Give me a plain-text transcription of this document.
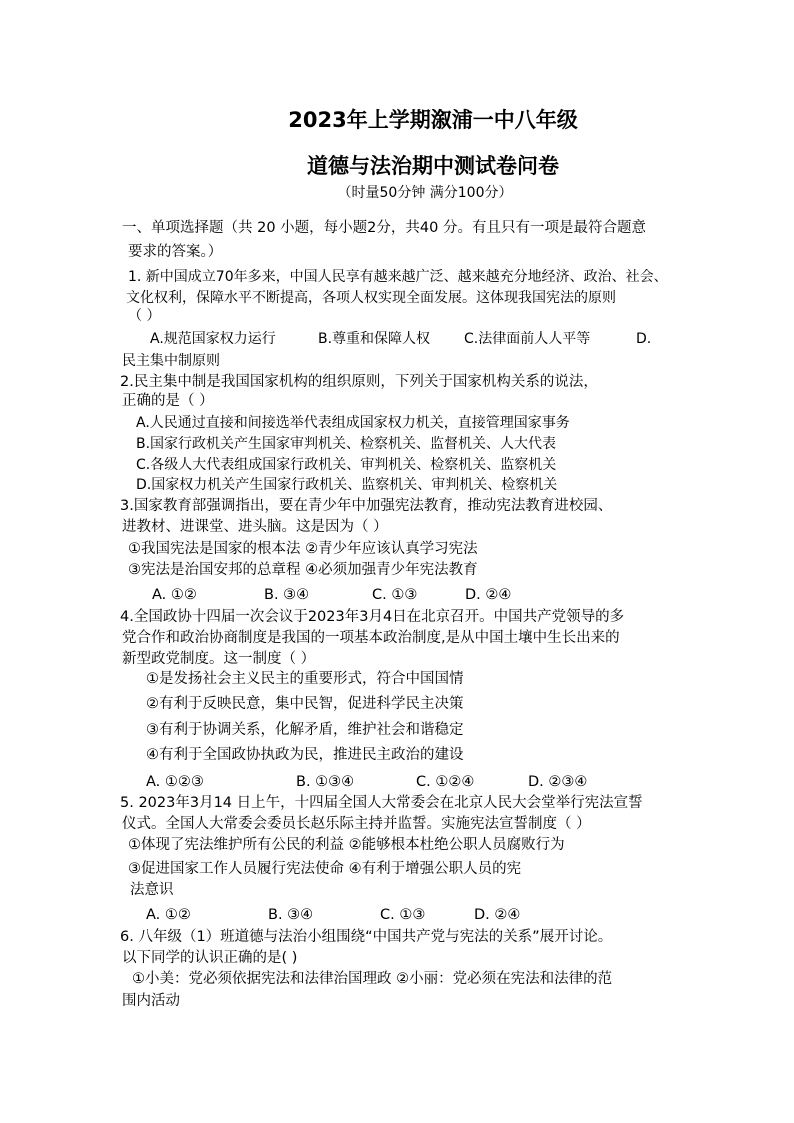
2023年上学期溆浦一中八年级
道德与法治期中测试卷问卷
（时量50分钟 满分100分）
一、单项选择题（共 20 小题，每小题2分，共40 分。有且只有一项是最符合题意
要求的答案。）
1. 新中国成立70年多来，中国人民享有越来越广泛、越来越充分地经济、政治、社会、
文化权利，保障水平不断提高，各项人权实现全面发展。这体现我国宪法的原则
（ ）
A.规范国家权力运行	B.尊重和保障人权 C.法律面前人人平等	D.
民主集中制原则
2.民主集中制是我国国家机构的组织原则，下列关于国家机构关系的说法，
正确的是（ ）
A.人民通过直接和间接选举代表组成国家权力机关，直接管理国家事务
B.国家行政机关产生国家审判机关、检察机关、监督机关、人大代表
C.各级人大代表组成国家行政机关、审判机关、检察机关、监察机关
D.国家权力机关产生国家行政机关、监察机关、审判机关、检察机关
3.国家教育部强调指出，要在青少年中加强宪法教育，推动宪法教育进校园、
进教材、进课堂、进头脑。这是因为（ ）
①我国宪法是国家的根本法 ②青少年应该认真学习宪法
③宪法是治国安邦的总章程 ④必须加强青少年宪法教育
A. ①②	B. ③④	C. ①③	D. ②④
4.全国政协十四届一次会议于2023年3月4日在北京召开。中国共产党领导的多
党合作和政治协商制度是我国的一项基本政治制度,是从中国土壤中生长出来的
新型政党制度。这一制度（ ）
①是发扬社会主义民主的重要形式，符合中国国情
②有利于反映民意，集中民智，促进科学民主决策
③有利于协调关系，化解矛盾，维护社会和谐稳定
④有利于全国政协执政为民，推进民主政治的建设
A. ①②③	B. ①③④	C. ①②④	D. ②③④
5. 2023年3月14 日上午，十四届全国人大常委会在北京人民大会堂举行宪法宣誓
仪式。全国人大常委会委员长赵乐际主持并监誓。实施宪法宣誓制度（ ）
①体现了宪法维护所有公民的利益 ②能够根本杜绝公职人员腐败行为
③促进国家工作人员履行宪法使命 ④有利于增强公职人员的宪
法意识
A. ①②	B. ③④	C. ①③	D. ②④
6. 八年级（1）班道德与法治小组围绕“中国共产党与宪法的关系”展开讨论。
以下同学的认识正确的是( )
①小美：党必须依据宪法和法律治国理政 ②小丽：党必须在宪法和法律的范
围内活动
